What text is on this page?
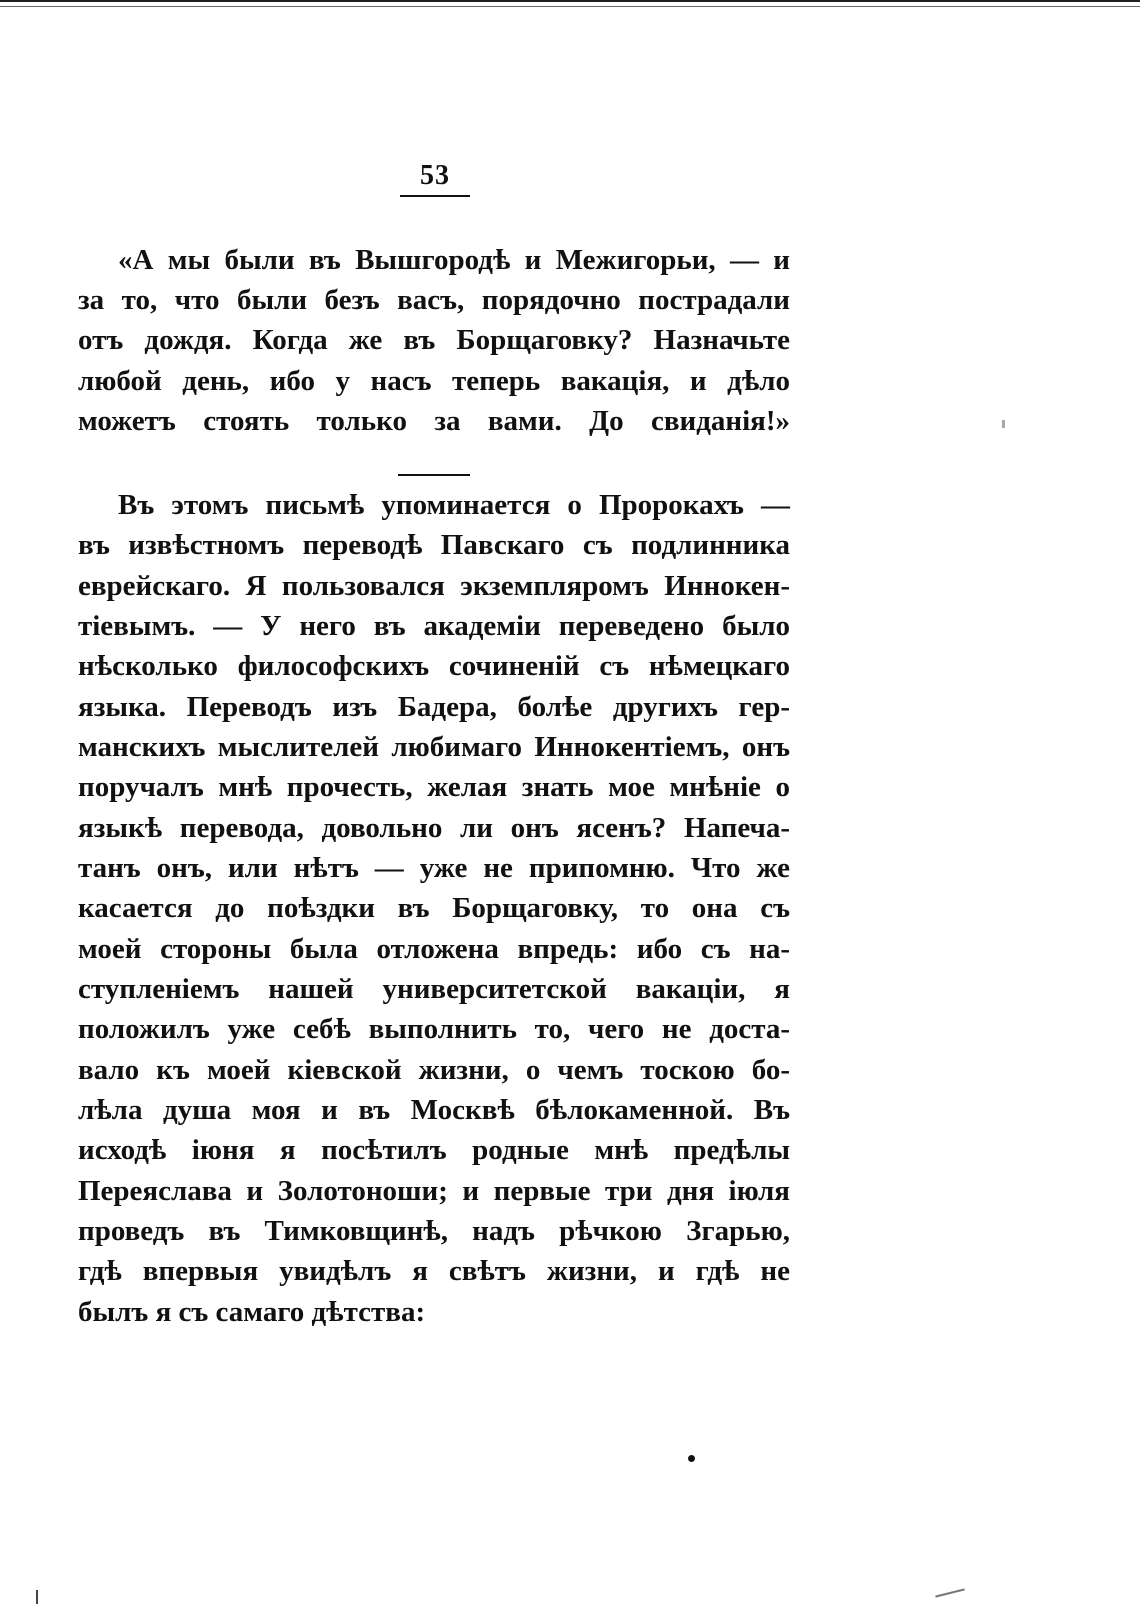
53
«А мы были въ Вышгородѣ и Межигорьи, — и
за то, что были безъ васъ, порядочно пострадали
отъ дождя. Когда же въ Борщаговку? Назначьте
любой день, ибо у насъ теперь вакація, и дѣло
можетъ стоять только за вами. До свиданія!»
Въ этомъ письмѣ упоминается о Пророкахъ —
въ извѣстномъ переводѣ Павскаго съ подлинника
еврейскаго. Я пользовался экземпляромъ Иннокен-
тіевымъ. — У него въ академіи переведено было
нѣсколько философскихъ сочиненій съ нѣмецкаго
языка. Переводъ изъ Бадера, болѣе другихъ гер-
манскихъ мыслителей любимаго Иннокентіемъ, онъ
поручалъ мнѣ прочесть, желая знать мое мнѣніе о
языкѣ перевода, довольно ли онъ ясенъ? Напеча-
танъ онъ, или нѣтъ — уже не припомню. Что же
касается до поѣздки въ Борщаговку, то она съ
моей стороны была отложена впредь: ибо съ на-
ступленіемъ нашей университетской вакаціи, я
положилъ уже себѣ выполнить то, чего не доста-
вало къ моей кіевской жизни, о чемъ тоскою бо-
лѣла душа моя и въ Москвѣ бѣлокаменной. Въ
исходѣ іюня я посѣтилъ родные мнѣ предѣлы
Переяслава и Золотоноши; и первые три дня іюля
проведъ въ Тимковщинѣ, надъ рѣчкою Згарью,
гдѣ впервыя увидѣлъ я свѣтъ жизни, и гдѣ не
былъ я съ самаго дѣтства:
